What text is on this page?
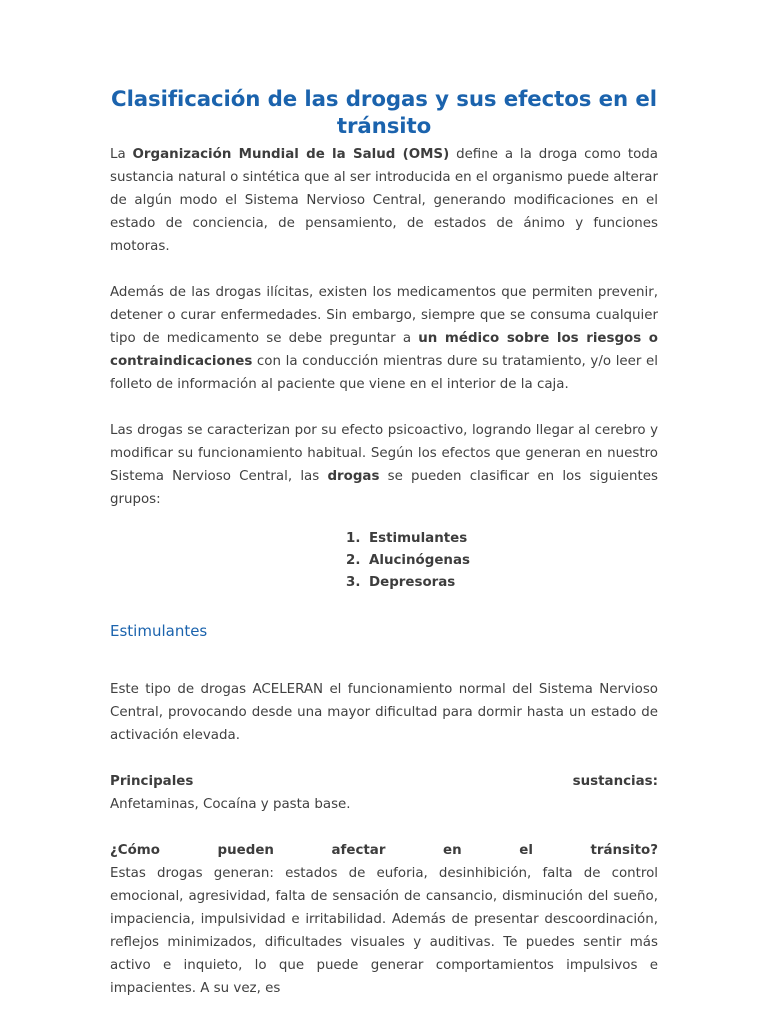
Clasificación de las drogas y sus efectos en el tránsito

La Organización Mundial de la Salud (OMS) define a la droga como toda sustancia natural o sintética que al ser introducida en el organismo puede alterar de algún modo el Sistema Nervioso Central, generando modificaciones en el estado de conciencia, de pensamiento, de estados de ánimo y funciones motoras.

Además de las drogas ilícitas, existen los medicamentos que permiten prevenir, detener o curar enfermedades. Sin embargo, siempre que se consuma cualquier tipo de medicamento se debe preguntar a un médico sobre los riesgos o contraindicaciones con la conducción mientras dure su tratamiento, y/o leer el folleto de información al paciente que viene en el interior de la caja.

Las drogas se caracterizan por su efecto psicoactivo, logrando llegar al cerebro y modificar su funcionamiento habitual. Según los efectos que generan en nuestro Sistema Nervioso Central, las drogas se pueden clasificar en los siguientes grupos:

1. Estimulantes
2. Alucinógenas
3. Depresoras
Estimulantes

Este tipo de drogas ACELERAN el funcionamiento normal del Sistema Nervioso Central, provocando desde una mayor dificultad para dormir hasta un estado de activación elevada.

Principales	sustancias:

Anfetaminas, Cocaína y pasta base.

¿Cómo	pueden	afectar	en	el	tránsito?

Estas drogas generan: estados de euforia, desinhibición, falta de control emocional, agresividad, falta de sensación de cansancio, disminución del sueño, impaciencia, impulsividad e irritabilidad. Además de presentar descoordinación, reflejos minimizados, dificultades visuales y auditivas. Te puedes sentir más activo e inquieto, lo que puede generar comportamientos impulsivos e impacientes. A su vez, es
